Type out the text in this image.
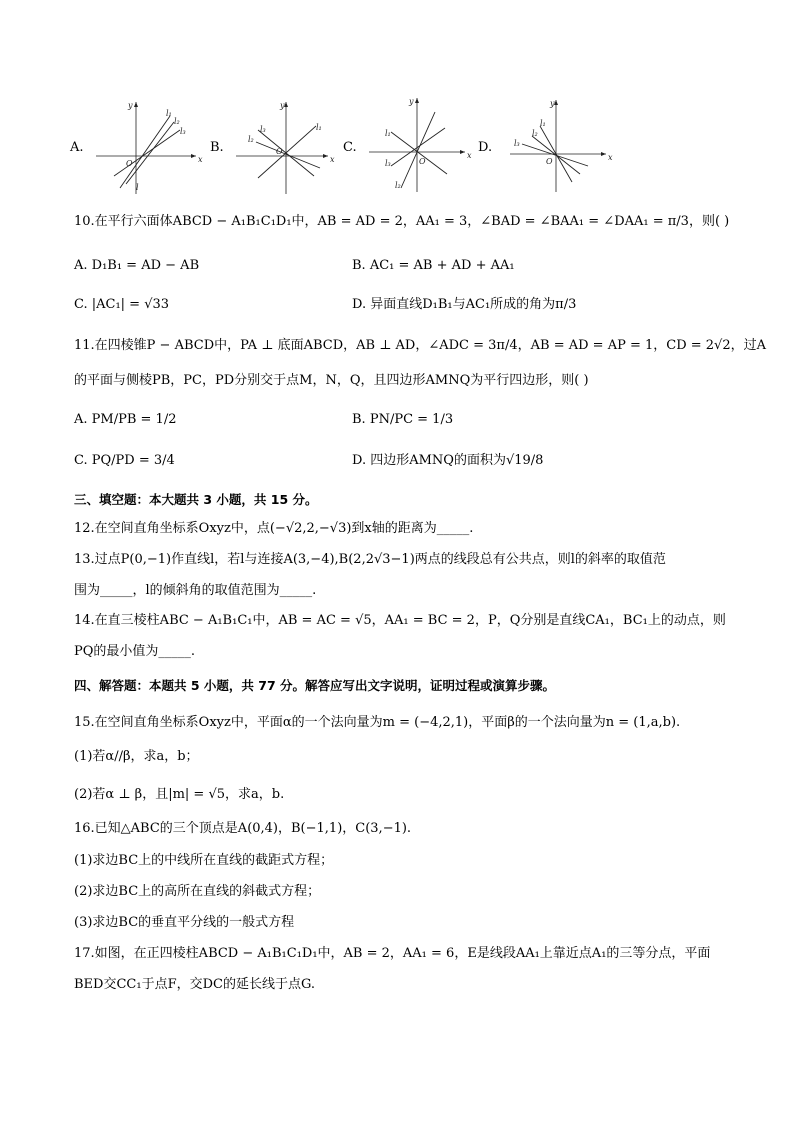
A.
y
x
O
l₁
l₂
l₃
l
B.
y
x
O
l₁
l₂
l₃
C.
y
x
O
l₁
l₂
l₃
D.
y
x
O
l₁
l₂
l₃
10.在平行六面体ABCD − A₁B₁C₁D₁中，AB = AD = 2，AA₁ = 3，∠BAD = ∠BAA₁ = ∠DAA₁ = π/3，则( )
A. D₁B₁ = AD − AB	B. AC₁ = AB + AD + AA₁
C. |AC₁| = √33	D. 异面直线D₁B₁与AC₁所成的角为π/3
11.在四棱锥P − ABCD中，PA ⊥ 底面ABCD，AB ⊥ AD，∠ADC = 3π/4，AB = AD = AP = 1，CD = 2√2，过A
的平面与侧棱PB，PC，PD分别交于点M，N，Q，且四边形AMNQ为平行四边形，则( )
A. PM/PB = 1/2	B. PN/PC = 1/3
C. PQ/PD = 3/4	D. 四边形AMNQ的面积为√19/8
三、填空题：本大题共 3 小题，共 15 分。
12.在空间直角坐标系Oxyz中，点(−√2,2,−√3)到x轴的距离为_____.
13.过点P(0,−1)作直线l，若l与连接A(3,−4),B(2,2√3−1)两点的线段总有公共点，则l的斜率的取值范
围为_____，l的倾斜角的取值范围为_____.
14.在直三棱柱ABC − A₁B₁C₁中，AB = AC = √5，AA₁ = BC = 2，P，Q分别是直线CA₁，BC₁上的动点，则
PQ的最小值为_____.
四、解答题：本题共 5 小题，共 77 分。解答应写出文字说明，证明过程或演算步骤。
15.在空间直角坐标系Oxyz中，平面α的一个法向量为m = (−4,2,1)，平面β的一个法向量为n = (1,a,b).
(1)若α//β，求a，b；
(2)若α ⊥ β，且|m| = √5，求a，b.
16.已知△ABC的三个顶点是A(0,4)，B(−1,1)，C(3,−1).
(1)求边BC上的中线所在直线的截距式方程；
(2)求边BC上的高所在直线的斜截式方程；
(3)求边BC的垂直平分线的一般式方程
17.如图，在正四棱柱ABCD − A₁B₁C₁D₁中，AB = 2，AA₁ = 6，E是线段AA₁上靠近点A₁的三等分点，平面
BED交CC₁于点F，交DC的延长线于点G.
